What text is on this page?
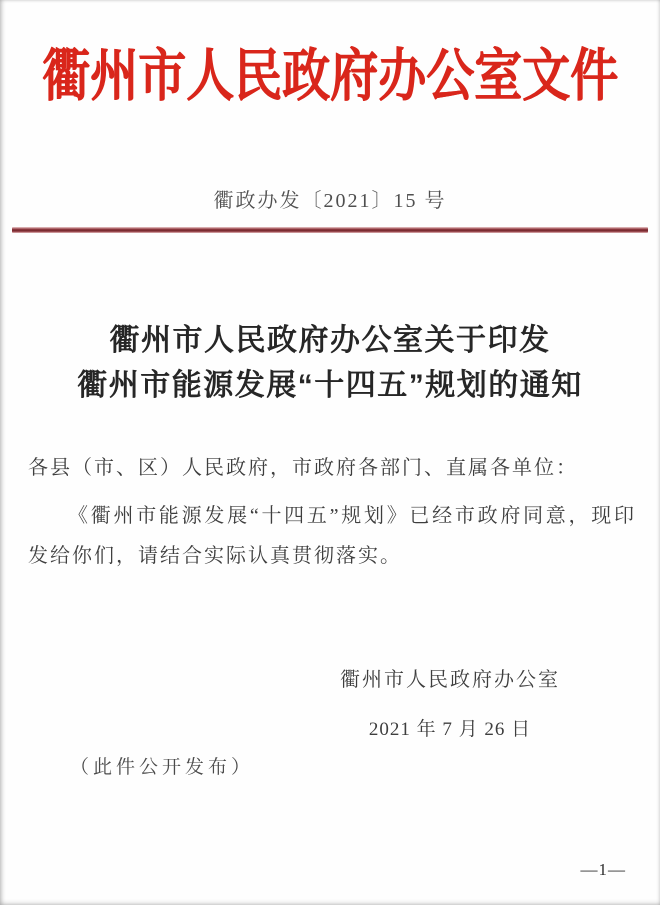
衢州市人民政府办公室文件
衢政办发〔2021〕15 号
衢州市人民政府办公室关于印发
衢州市能源发展“十四五”规划的通知

各县（市、区）人民政府，市政府各部门、直属各单位：

《衢州市能源发展“十四五”规划》已经市政府同意，现印发给你们，请结合实际认真贯彻落实。

衢州市人民政府办公室
2021 年 7 月 26 日

（此件公开发布）

—1—
